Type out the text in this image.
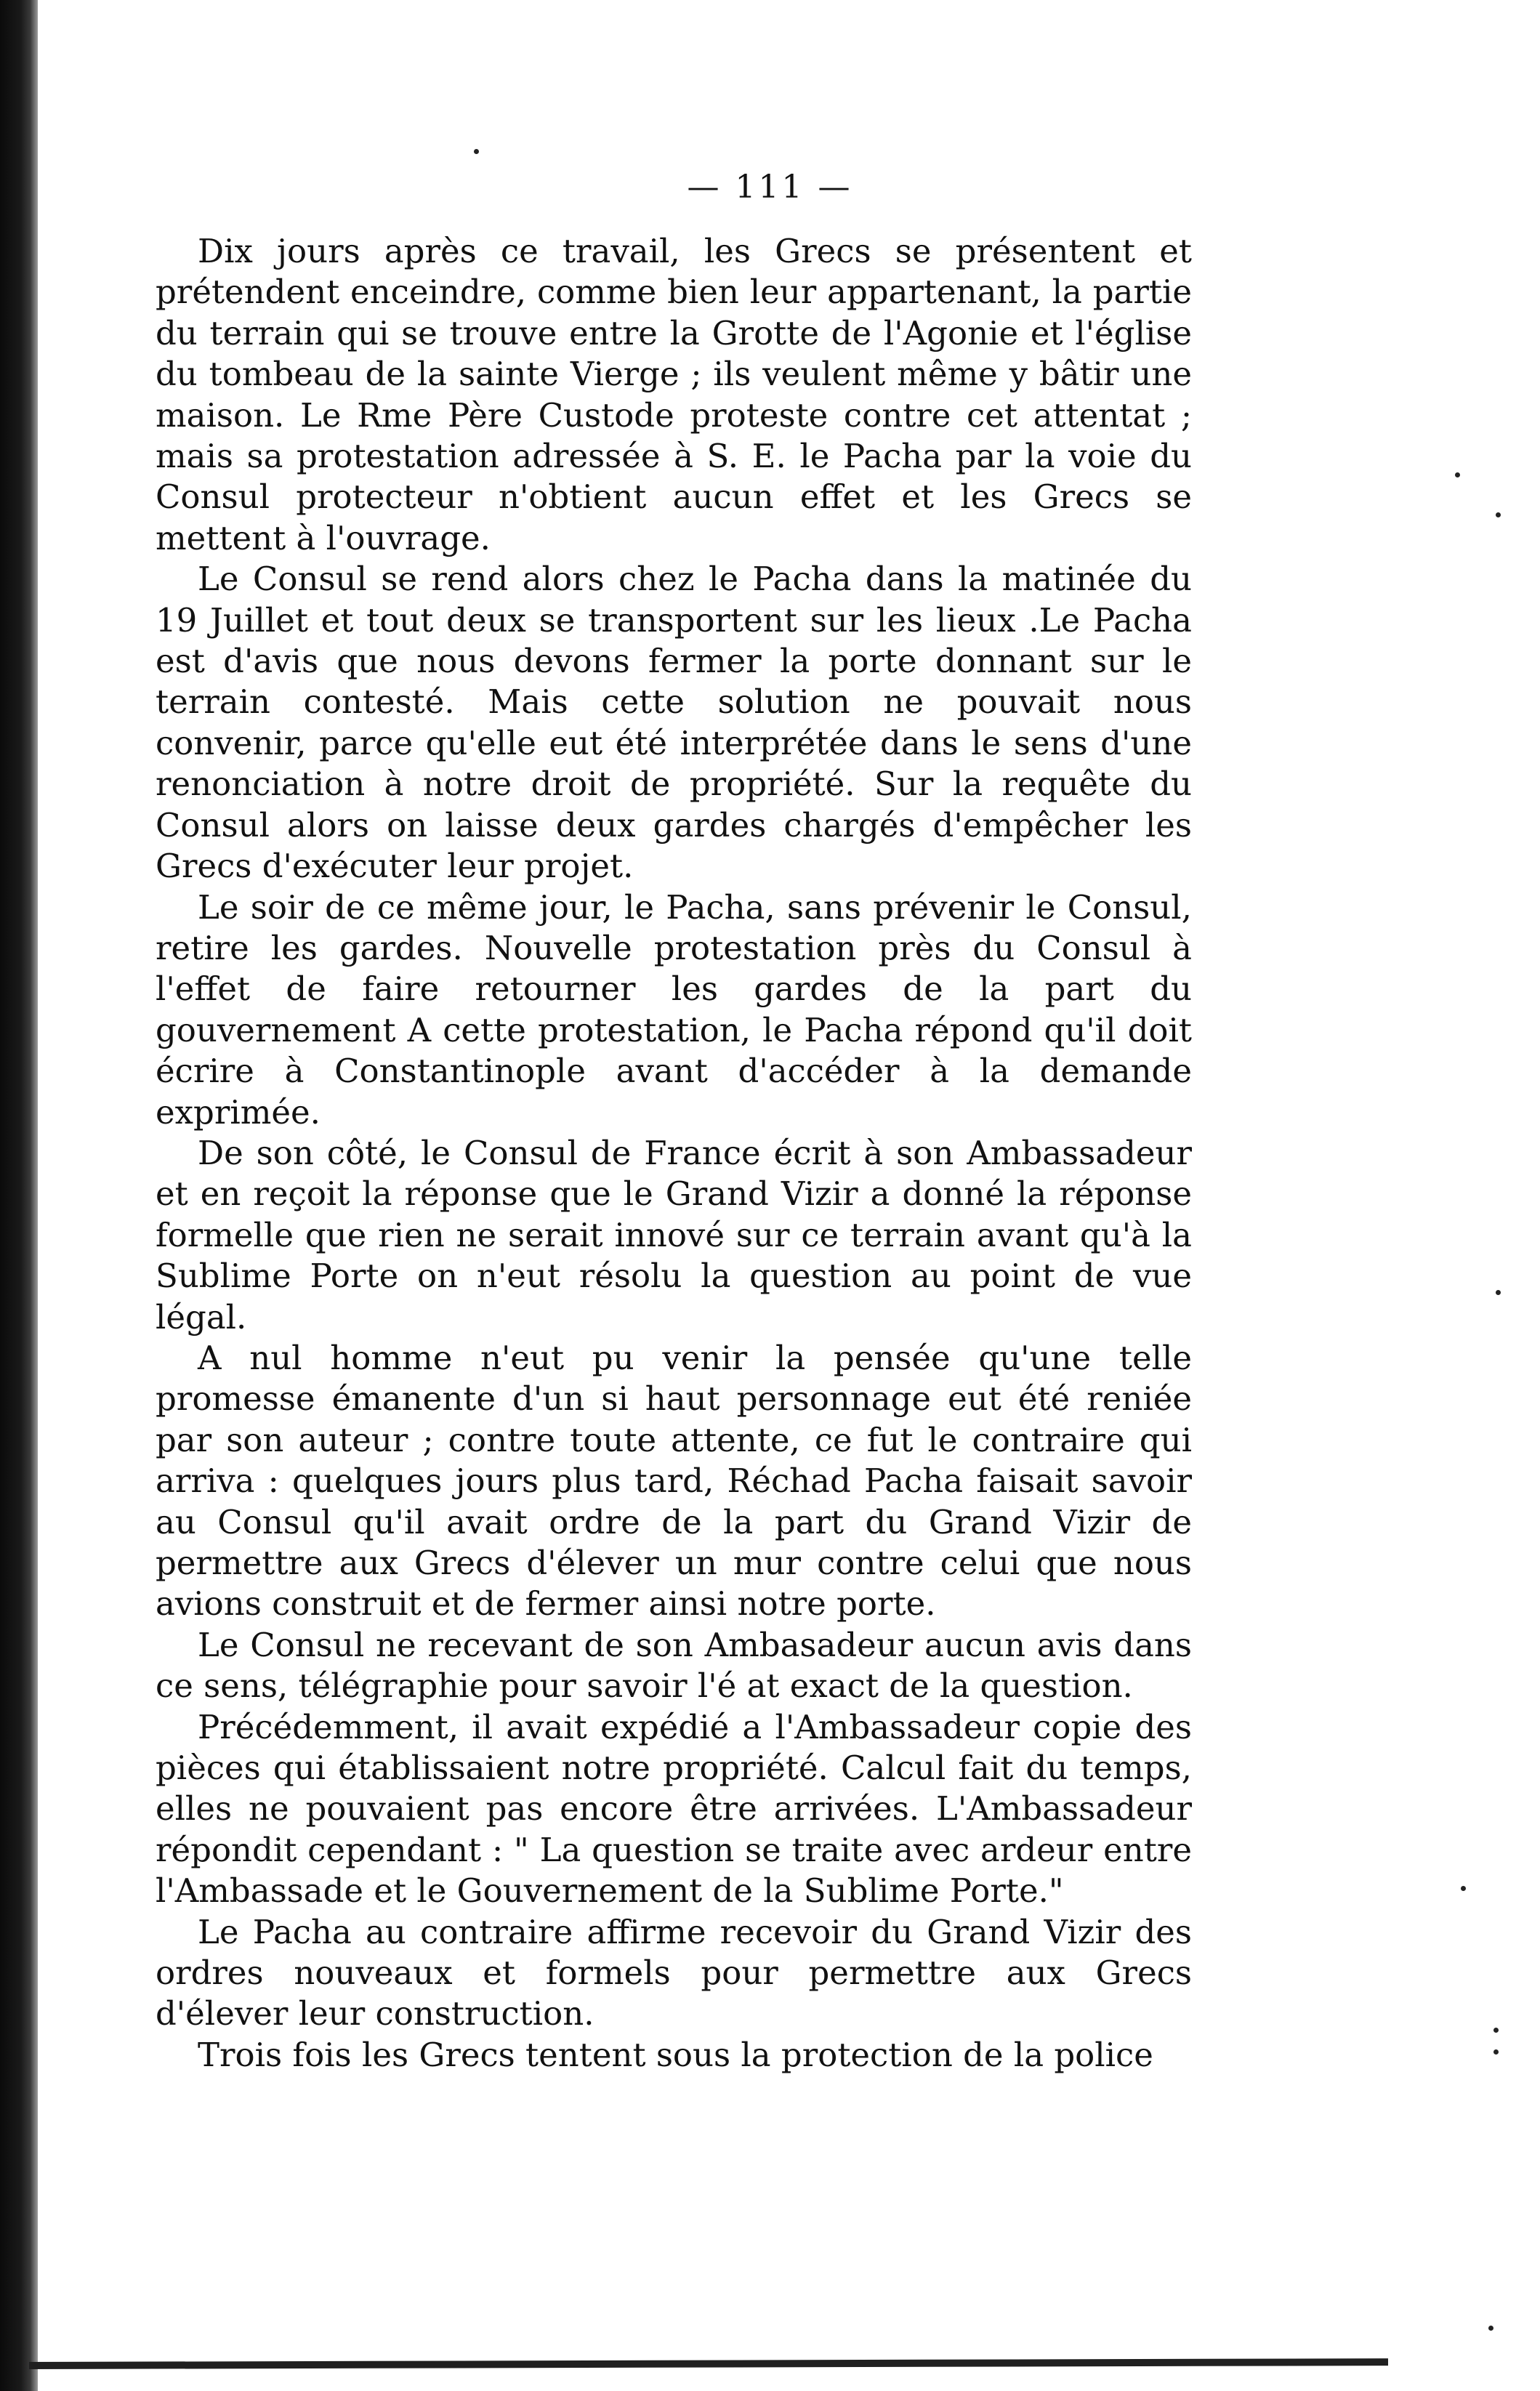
— 111 —

Dix jours après ce travail, les Grecs se présentent et prétendent enceindre, comme bien leur appartenant, la partie du terrain qui se trouve entre la Grotte de l'Agonie et l'église du tombeau de la sainte Vierge ; ils veulent même y bâtir une maison. Le Rme Père Custode proteste contre cet attentat ; mais sa protestation adressée à S. E. le Pacha par la voie du Consul protecteur n'obtient aucun effet et les Grecs se mettent à l'ouvrage.

Le Consul se rend alors chez le Pacha dans la matinée du 19 Juillet et tout deux se transportent sur les lieux .Le Pacha est d'avis que nous devons fermer la porte donnant sur le terrain contesté. Mais cette solution ne pouvait nous convenir, parce qu'elle eut été interprétée dans le sens d'une renonciation à notre droit de propriété. Sur la requête du Consul alors on laisse deux gardes chargés d'empêcher les Grecs d'exécuter leur projet.

Le soir de ce même jour, le Pacha, sans prévenir le Consul, retire les gardes. Nouvelle protestation près du Consul à l'effet de faire retourner les gardes de la part du gouvernement A cette protestation, le Pacha répond qu'il doit écrire à Constantinople avant d'accéder à la demande exprimée.

De son côté, le Consul de France écrit à son Ambassadeur et en reçoit la réponse que le Grand Vizir a donné la réponse formelle que rien ne serait innové sur ce terrain avant qu'à la Sublime Porte on n'eut résolu la question au point de vue légal.

A nul homme n'eut pu venir la pensée qu'une telle promesse émanente d'un si haut personnage eut été reniée par son auteur ; contre toute attente, ce fut le contraire qui arriva : quelques jours plus tard, Réchad Pacha faisait savoir au Consul qu'il avait ordre de la part du Grand Vizir de permettre aux Grecs d'élever un mur contre celui que nous avions construit et de fermer ainsi notre porte.

Le Consul ne recevant de son Ambasadeur aucun avis dans ce sens, télégraphie pour savoir l'é at exact de la question.

Précédemment, il avait expédié a l'Ambassadeur copie des pièces qui établissaient notre propriété. Calcul fait du temps, elles ne pouvaient pas encore être arrivées. L'Ambassadeur répondit cependant : " La question se traite avec ardeur entre l'Ambassade et le Gouvernement de la Sublime Porte."

Le Pacha au contraire affirme recevoir du Grand Vizir des ordres nouveaux et formels pour permettre aux Grecs d'élever leur construction.

Trois fois les Grecs tentent sous la protection de la police
